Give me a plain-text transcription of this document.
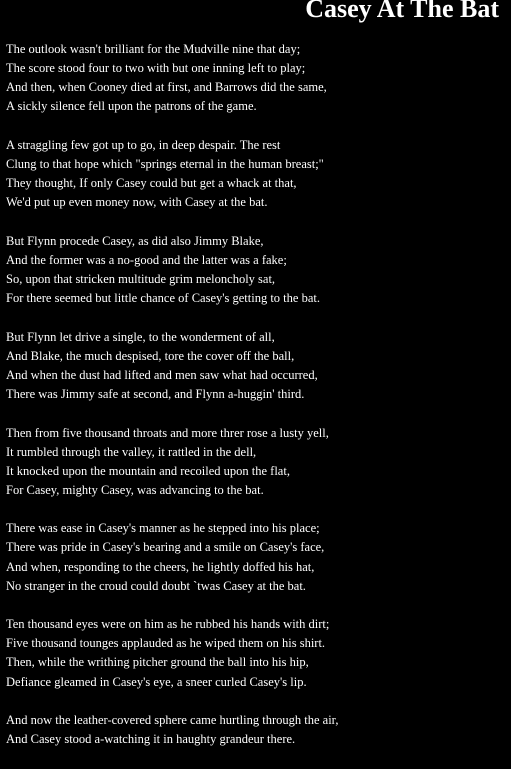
Casey At The Bat
The outlook wasn't brilliant for the Mudville nine that day;
The score stood four to two with but one inning left to play;
And then, when Cooney died at first, and Barrows did the same,
A sickly silence fell upon the patrons of the game.
A straggling few got up to go, in deep despair. The rest
Clung to that hope which "springs eternal in the human breast;"
They thought, If only Casey could but get a whack at that,
We'd put up even money now, with Casey at the bat.
But Flynn procede Casey, as did also Jimmy Blake,
And the former was a no-good and the latter was a fake;
So, upon that stricken multitude grim meloncholy sat,
For there seemed but little chance of Casey's getting to the bat.
But Flynn let drive a single, to the wonderment of all,
And Blake, the much despised, tore the cover off the ball,
And when the dust had lifted and men saw what had occurred,
There was Jimmy safe at second, and Flynn a-huggin' third.
Then from five thousand throats and more threr rose a lusty yell,
It rumbled through the valley, it rattled in the dell,
It knocked upon the mountain and recoiled upon the flat,
For Casey, mighty Casey, was advancing to the bat.
There was ease in Casey's manner as he stepped into his place;
There was pride in Casey's bearing and a smile on Casey's face,
And when, responding to the cheers, he lightly doffed his hat,
No stranger in the croud could doubt `twas Casey at the bat.
Ten thousand eyes were on him as he rubbed his hands with dirt;
Five thousand tounges applauded as he wiped them on his shirt.
Then, while the writhing pitcher ground the ball into his hip,
Defiance gleamed in Casey's eye, a sneer curled Casey's lip.
And now the leather-covered sphere came hurtling through the air,
And Casey stood a-watching it in haughty grandeur there.
